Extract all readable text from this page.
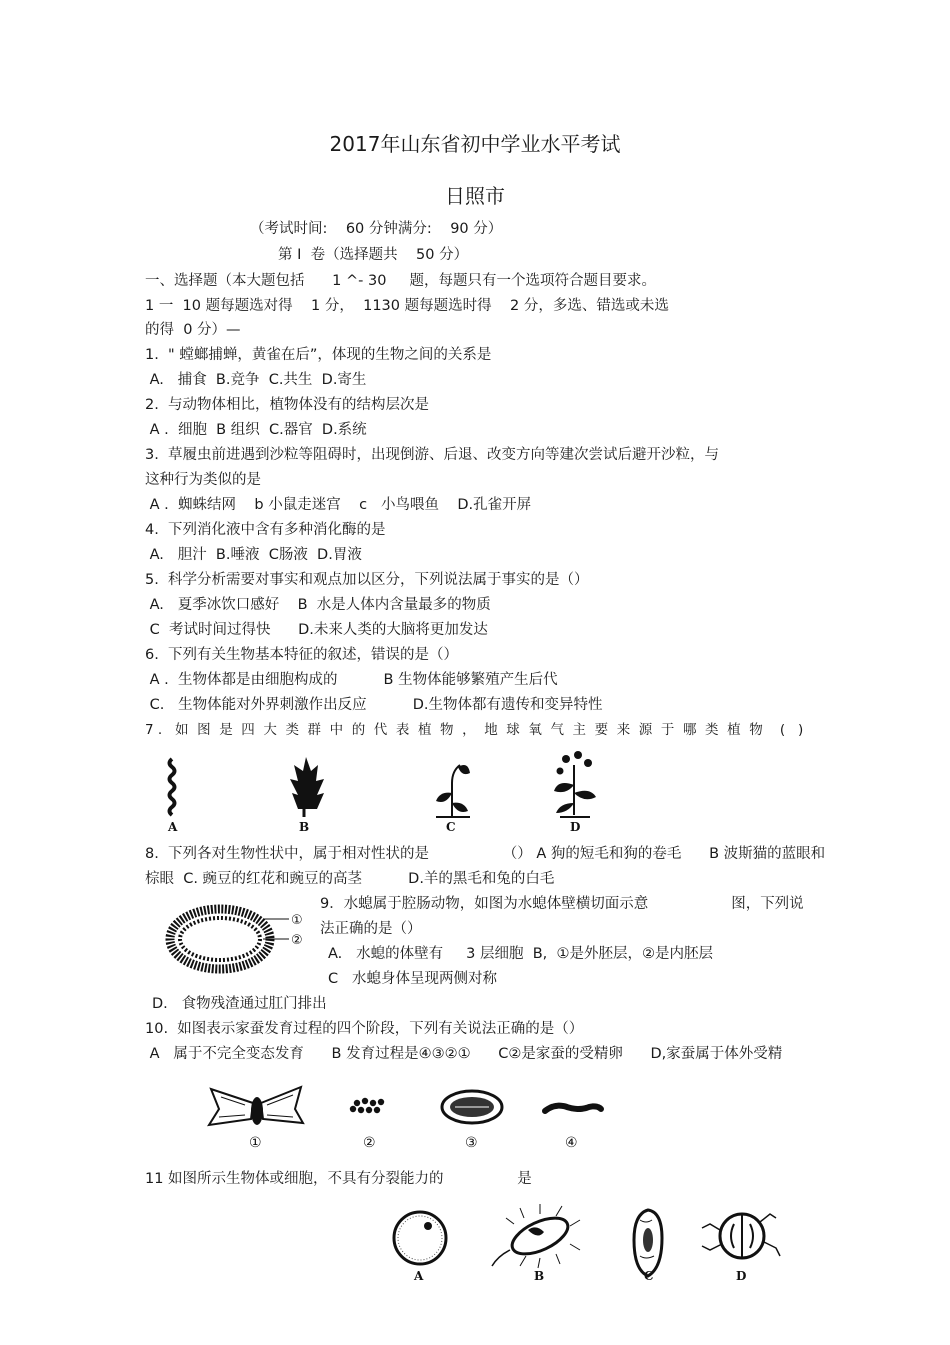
2017年山东省初中学业水平考试
日照市
（考试时间:    60 分钟满分:    90 分）
第 I  卷（选择题共    50 分）
一、选择题（本大题包括      1 ^- 30     题，每题只有一个选项符合题目要求。
1 一  10 题每题选对得    1 分，  1130 题每题选时得    2 分，多选、错选或未选
的得  0 分）—
1.  " 螳螂捕蝉，黄雀在后”，体现的生物之间的关系是
A.   捕食  B.竞争  C.共生  D.寄生
2.  与动物体相比，植物体没有的结构层次是
A .  细胞  B 组织  C.器官  D.系统
3.  草履虫前进遇到沙粒等阻碍时，出现倒游、后退、改变方向等建次尝试后避开沙粒，与
这种行为类似的是
A .  蜘蛛结网    b 小鼠走迷宫    c   小鸟喂鱼    D.孔雀开屏
4.  下列消化液中含有多种消化酶的是
A.   胆汁  B.唾液  C肠液  D.胃液
5.  科学分析需要对事实和观点加以区分，下列说法属于事实的是（）
A.   夏季冰饮口感好    B  水是人体内含量最多的物质
C  考试时间过得快      D.未来人类的大脑将更加发达
6.  下列有关生物基本特征的叙述，错误的是（）
A .  生物体都是由细胞构成的          B 生物体能够繁殖产生后代
C.   生物体能对外界刺激作出反应          D.生物体都有遗传和变异特性
7 .   如  图  是  四  大  类  群  中  的  代  表  植  物  ，  地  球  氧  气  主  要  来  源  于  哪  类  植  物    (   )
A	B	C	D
8.  下列各对生物性状中，属于相对性状的是                （） A 狗的短毛和狗的卷毛      B 波斯猫的蓝眼和
棕眼  C. 豌豆的红花和豌豆的高茎          D.羊的黑毛和兔的白毛
①
②
9．水螅属于腔肠动物，如图为水螅体壁横切面示意                  图，下列说
法正确的是（）
A.   水螅的体壁有     3 层细胞  B,  ①是外胚层，②是内胚层
C   水螅身体呈现两侧对称
D.   食物残渣通过肛门排出
10.  如图表示家蚕发育过程的四个阶段，下列有关说法正确的是（）
A   属于不完全变态发育      B 发育过程是④③②①      C②是家蚕的受精卵      D,家蚕属于体外受精
①	②	③	④
11 如图所示生物体或细胞，不具有分裂能力的                是
A	B	C	D
